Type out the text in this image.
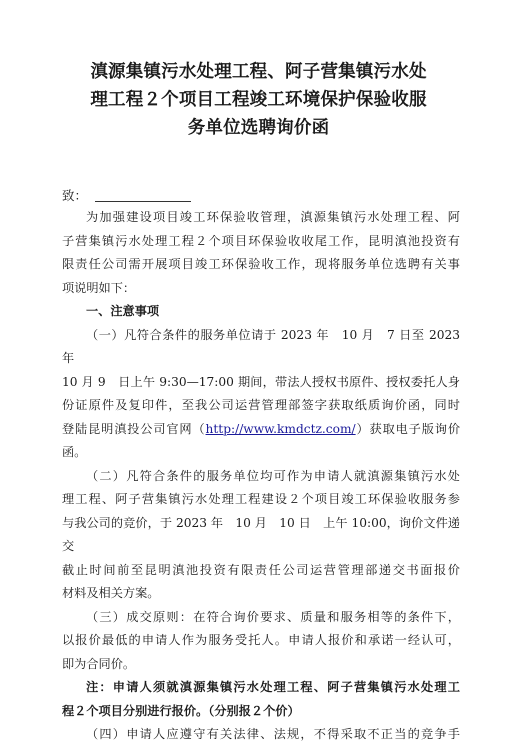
滇源集镇污水处理工程、阿子营集镇污水处
理工程２个项目工程竣工环境保护保验收服
务单位选聘询价函
致：

为加强建设项目竣工环保验收管理，滇源集镇污水处理工程、阿
子营集镇污水处理工程２个项目环保验收收尾工作，昆明滇池投资有
限责任公司需开展项目竣工环保验收工作，现将服务单位选聘有关事
项说明如下：

一、注意事项

（一）凡符合条件的服务单位请于 2023 年　10 月　7 日至 2023 年
10 月 9　日上午 9:30—17:00 期间，带法人授权书原件、授权委托人身
份证原件及复印件，至我公司运营管理部签字获取纸质询价函，同时
登陆昆明滇投公司官网（http://www.kmdctz.com/）获取电子版询价
函。

（二）凡符合条件的服务单位均可作为申请人就滇源集镇污水处
理工程、阿子营集镇污水处理工程建设２个项目竣工环保验收服务参
与我公司的竞价，于 2023 年　10 月　10 日　上午 10:00，询价文件递交
截止时间前至昆明滇池投资有限责任公司运营管理部递交书面报价
材料及相关方案。

（三）成交原则：在符合询价要求、质量和服务相等的条件下，
以报价最低的申请人作为服务受托人。申请人报价和承诺一经认可，
即为合同价。

注：申请人须就滇源集镇污水处理工程、阿子营集镇污水处理工
程２个项目分别进行报价。（分别报２个价）

（四）申请人应遵守有关法律、法规，不得采取不正当的竞争手
